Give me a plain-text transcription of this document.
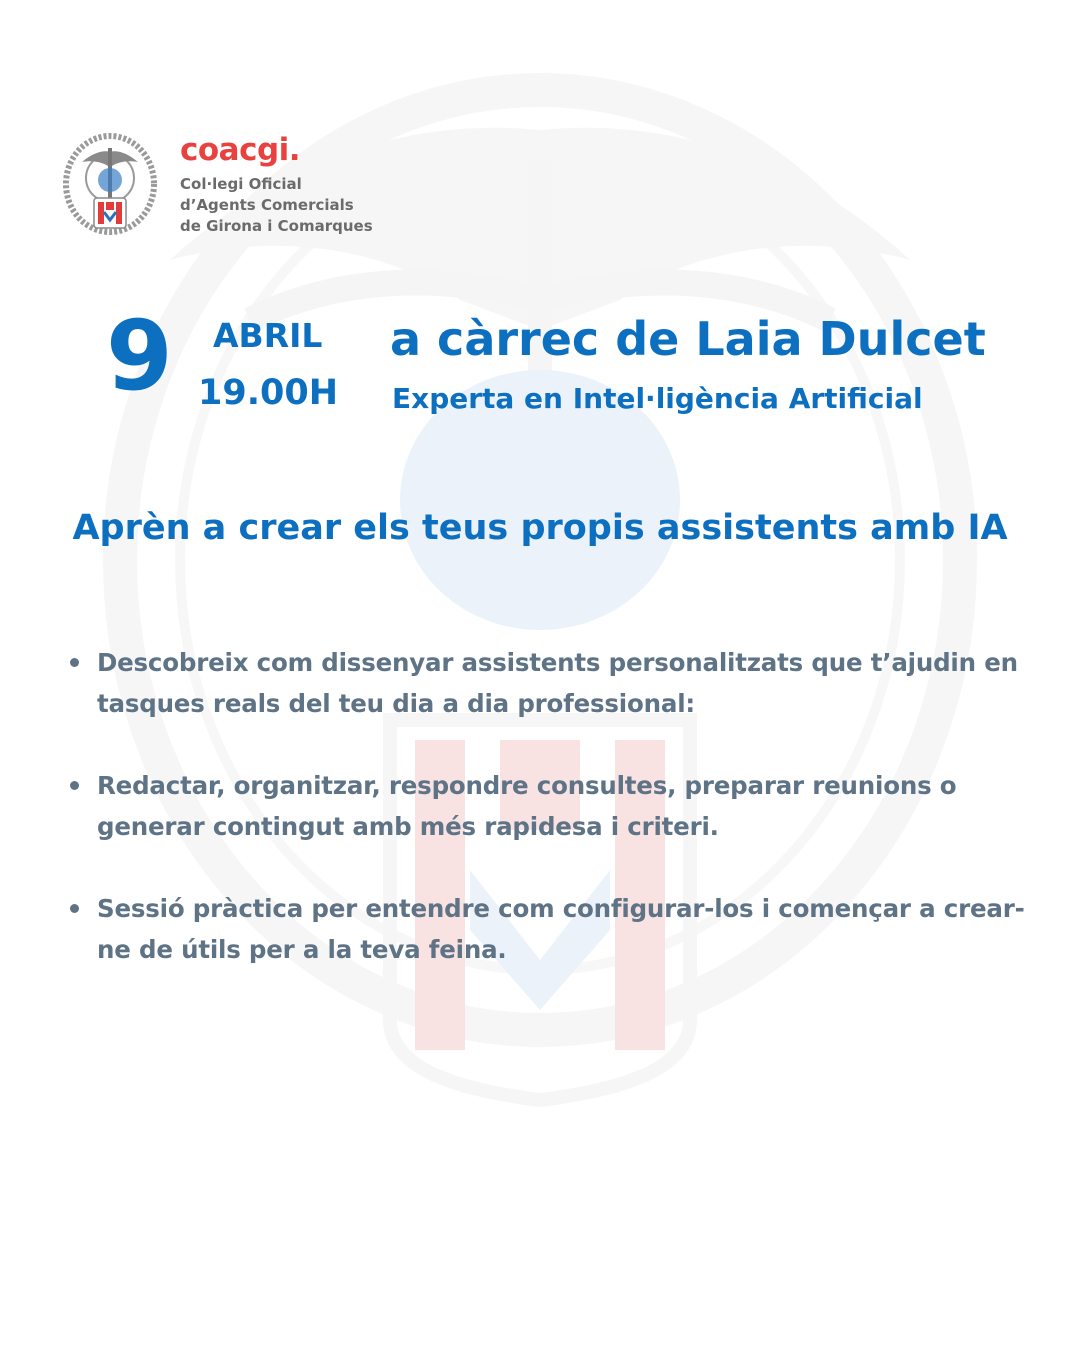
coacgi.
Col·legi Oficial
d’Agents Comercials
de Girona i Comarques
9 ABRIL
19.00H
a càrrec de Laia Dulcet
Experta en Intel·ligència Artificial
Aprèn a crear els teus propis assistents amb IA
Descobreix com dissenyar assistents personalitzats que t’ajudin en tasques reals del teu dia a dia professional:
Redactar, organitzar, respondre consultes, preparar reunions o generar contingut amb més rapidesa i criteri.
Sessió pràctica per entendre com configurar-los i començar a crear-ne de útils per a la teva feina.
